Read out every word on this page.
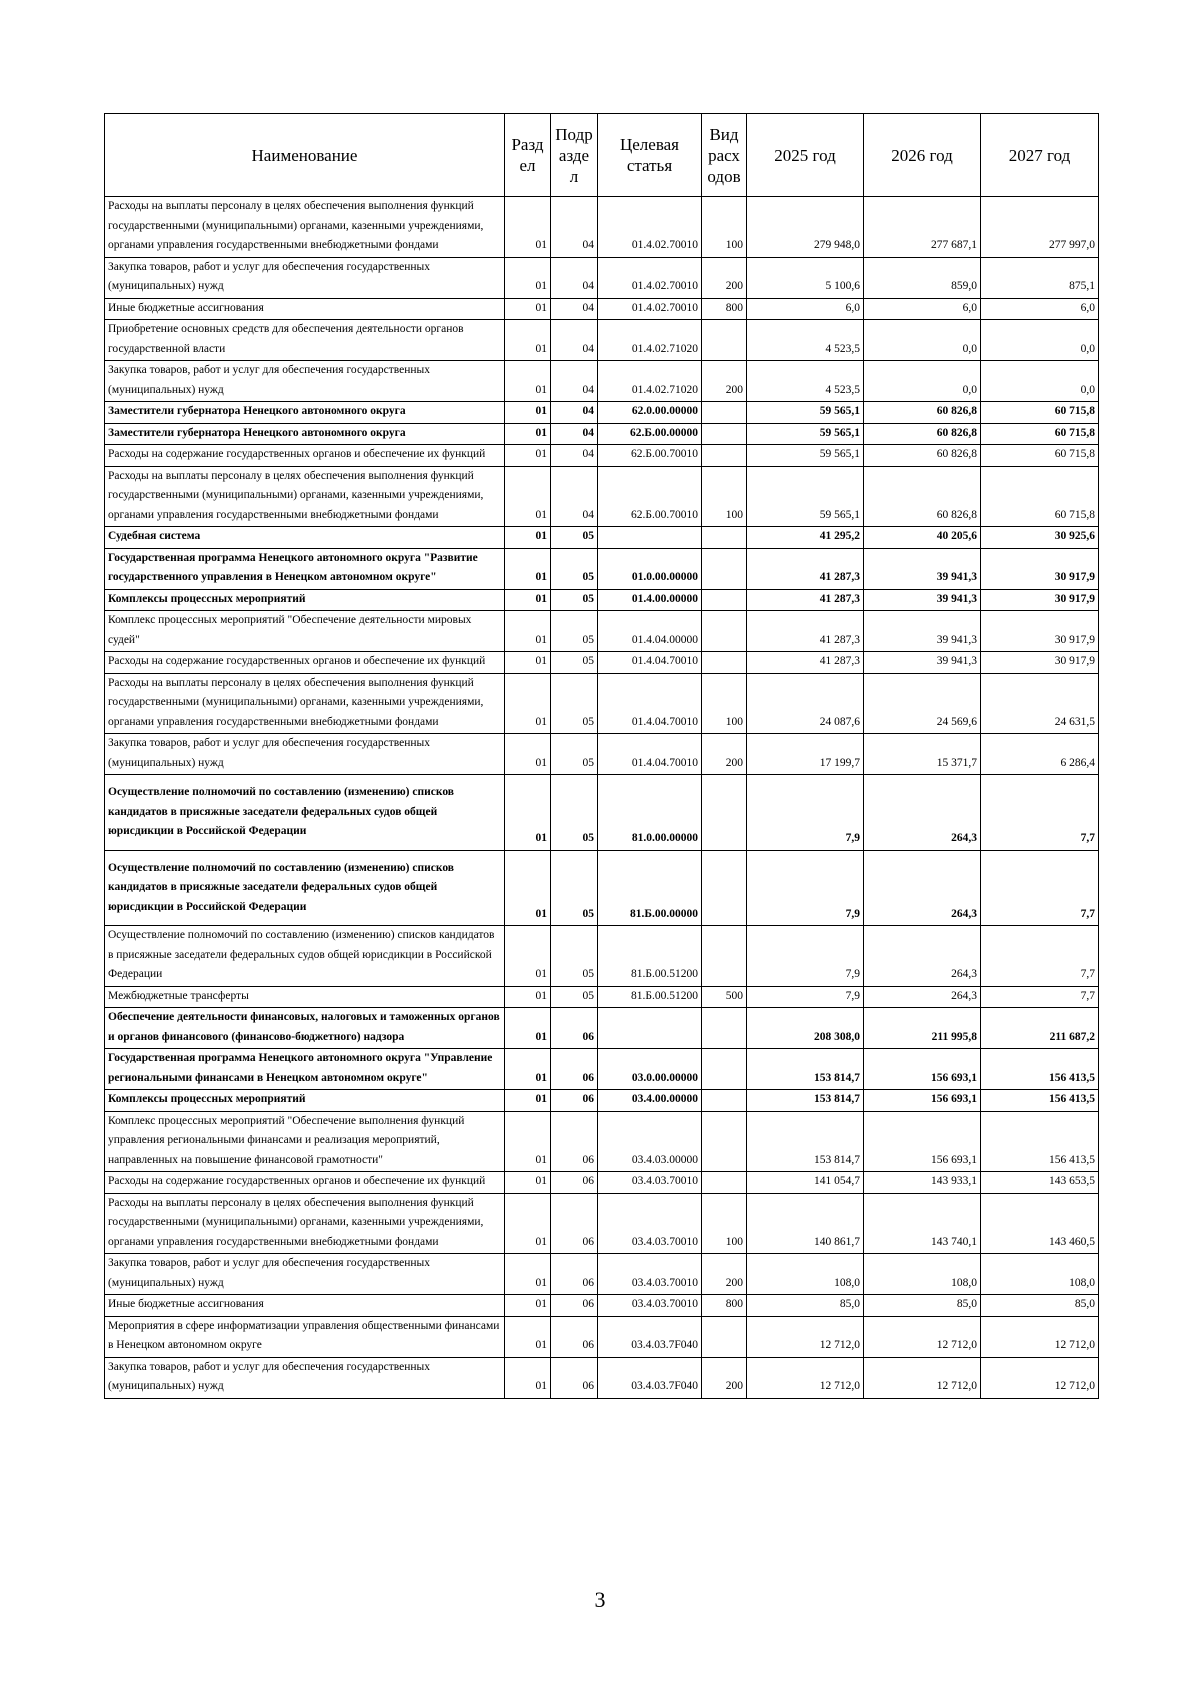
Наименование	Разд ел	Подр азде л	Целевая статья	Вид расх одов	2025 год	2026 год	2027 год
Расходы на выплаты персоналу в целях обеспечения выполнения функций государственными (муниципальными) органами, казенными учреждениями, органами управления государственными внебюджетными фондами	01	04	01.4.02.70010	100	279 948,0	277 687,1	277 997,0
Закупка товаров, работ и услуг для обеспечения государственных (муниципальных) нужд	01	04	01.4.02.70010	200	5 100,6	859,0	875,1
Иные бюджетные ассигнования	01	04	01.4.02.70010	800	6,0	6,0	6,0
Приобретение основных средств для обеспечения деятельности органов государственной власти	01	04	01.4.02.71020		4 523,5	0,0	0,0
Закупка товаров, работ и услуг для обеспечения государственных (муниципальных) нужд	01	04	01.4.02.71020	200	4 523,5	0,0	0,0
Заместители губернатора Ненецкого автономного округа	01	04	62.0.00.00000		59 565,1	60 826,8	60 715,8
Заместители губернатора Ненецкого автономного округа	01	04	62.Б.00.00000		59 565,1	60 826,8	60 715,8
Расходы на содержание государственных органов и обеспечение их функций	01	04	62.Б.00.70010		59 565,1	60 826,8	60 715,8
Расходы на выплаты персоналу в целях обеспечения выполнения функций государственными (муниципальными) органами, казенными учреждениями, органами управления государственными внебюджетными фондами	01	04	62.Б.00.70010	100	59 565,1	60 826,8	60 715,8
Судебная система	01	05			41 295,2	40 205,6	30 925,6
Государственная программа Ненецкого автономного округа "Развитие государственного управления в Ненецком автономном округе"	01	05	01.0.00.00000		41 287,3	39 941,3	30 917,9
Комплексы процессных мероприятий	01	05	01.4.00.00000		41 287,3	39 941,3	30 917,9
Комплекс процессных мероприятий "Обеспечение деятельности мировых судей"	01	05	01.4.04.00000		41 287,3	39 941,3	30 917,9
Расходы на содержание государственных органов и обеспечение их функций	01	05	01.4.04.70010		41 287,3	39 941,3	30 917,9
Расходы на выплаты персоналу в целях обеспечения выполнения функций государственными (муниципальными) органами, казенными учреждениями, органами управления государственными внебюджетными фондами	01	05	01.4.04.70010	100	24 087,6	24 569,6	24 631,5
Закупка товаров, работ и услуг для обеспечения государственных (муниципальных) нужд	01	05	01.4.04.70010	200	17 199,7	15 371,7	6 286,4
Осуществление полномочий по составлению (изменению) списков кандидатов в присяжные заседатели федеральных судов общей юрисдикции в Российской Федерации	01	05	81.0.00.00000		7,9	264,3	7,7
Осуществление полномочий по составлению (изменению) списков кандидатов в присяжные заседатели федеральных судов общей юрисдикции в Российской Федерации	01	05	81.Б.00.00000		7,9	264,3	7,7
Осуществление полномочий по составлению (изменению) списков кандидатов в присяжные заседатели федеральных судов общей юрисдикции в Российской Федерации	01	05	81.Б.00.51200		7,9	264,3	7,7
Межбюджетные трансферты	01	05	81.Б.00.51200	500	7,9	264,3	7,7
Обеспечение деятельности финансовых, налоговых и таможенных органов и органов финансового (финансово-бюджетного) надзора	01	06			208 308,0	211 995,8	211 687,2
Государственная программа Ненецкого автономного округа "Управление региональными финансами в Ненецком автономном округе"	01	06	03.0.00.00000		153 814,7	156 693,1	156 413,5
Комплексы процессных мероприятий	01	06	03.4.00.00000		153 814,7	156 693,1	156 413,5
Комплекс процессных мероприятий "Обеспечение выполнения функций управления региональными финансами и реализация мероприятий, направленных на повышение финансовой грамотности"	01	06	03.4.03.00000		153 814,7	156 693,1	156 413,5
Расходы на содержание государственных органов и обеспечение их функций	01	06	03.4.03.70010		141 054,7	143 933,1	143 653,5
Расходы на выплаты персоналу в целях обеспечения выполнения функций государственными (муниципальными) органами, казенными учреждениями, органами управления государственными внебюджетными фондами	01	06	03.4.03.70010	100	140 861,7	143 740,1	143 460,5
Закупка товаров, работ и услуг для обеспечения государственных (муниципальных) нужд	01	06	03.4.03.70010	200	108,0	108,0	108,0
Иные бюджетные ассигнования	01	06	03.4.03.70010	800	85,0	85,0	85,0
Мероприятия в сфере информатизации управления общественными финансами в Ненецком автономном округе	01	06	03.4.03.7F040		12 712,0	12 712,0	12 712,0
Закупка товаров, работ и услуг для обеспечения государственных (муниципальных) нужд	01	06	03.4.03.7F040	200	12 712,0	12 712,0	12 712,0
3
